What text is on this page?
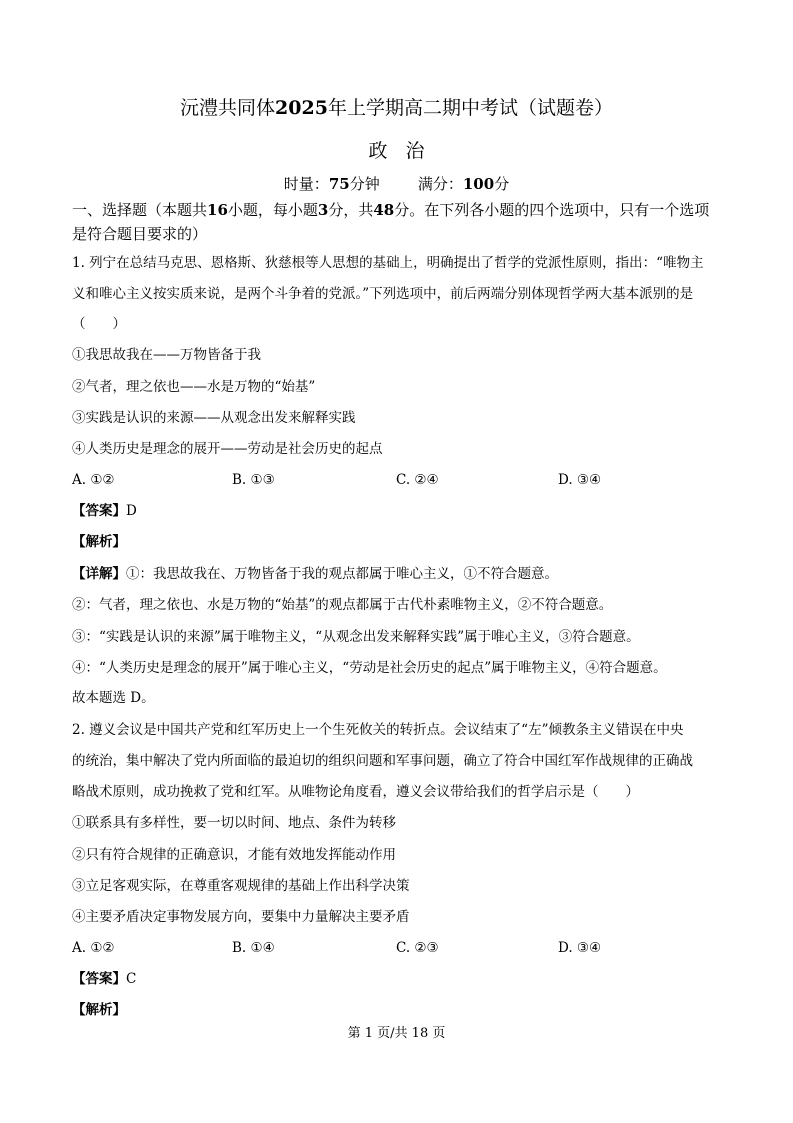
沅澧共同体2025年上学期高二期中考试（试题卷）
政治
时量：75分钟	满分：100分
一、选择题（本题共16小题，每小题3分，共48分。在下列各小题的四个选项中，只有一个选项是符合题目要求的）
1. 列宁在总结马克思、恩格斯、狄慈根等人思想的基础上，明确提出了哲学的党派性原则，指出：“唯物主
义和唯心主义按实质来说，是两个斗争着的党派。”下列选项中，前后两端分别体现哲学两大基本派别的是
（　　）
①我思故我在——万物皆备于我
②气者，理之依也——水是万物的“始基”
③实践是认识的来源——从观念出发来解释实践
④人类历史是理念的展开——劳动是社会历史的起点
A. ①②	B. ①③	C. ②④	D. ③④
【答案】D
【解析】
【详解】①：我思故我在、万物皆备于我的观点都属于唯心主义，①不符合题意。
②：气者，理之依也、水是万物的“始基”的观点都属于古代朴素唯物主义，②不符合题意。
③：“实践是认识的来源”属于唯物主义，“从观念出发来解释实践”属于唯心主义，③符合题意。
④：“人类历史是理念的展开”属于唯心主义，“劳动是社会历史的起点”属于唯物主义，④符合题意。
故本题选 D。
2. 遵义会议是中国共产党和红军历史上一个生死攸关的转折点。会议结束了“左”倾教条主义错误在中央
的统治，集中解决了党内所面临的最迫切的组织问题和军事问题，确立了符合中国红军作战规律的正确战
略战术原则，成功挽救了党和红军。从唯物论角度看，遵义会议带给我们的哲学启示是（　　）
①联系具有多样性，要一切以时间、地点、条件为转移
②只有符合规律的正确意识，才能有效地发挥能动作用
③立足客观实际，在尊重客观规律的基础上作出科学决策
④主要矛盾决定事物发展方向，要集中力量解决主要矛盾
A. ①②	B. ①④	C. ②③	D. ③④
【答案】C
【解析】
第 1 页/共 18 页
